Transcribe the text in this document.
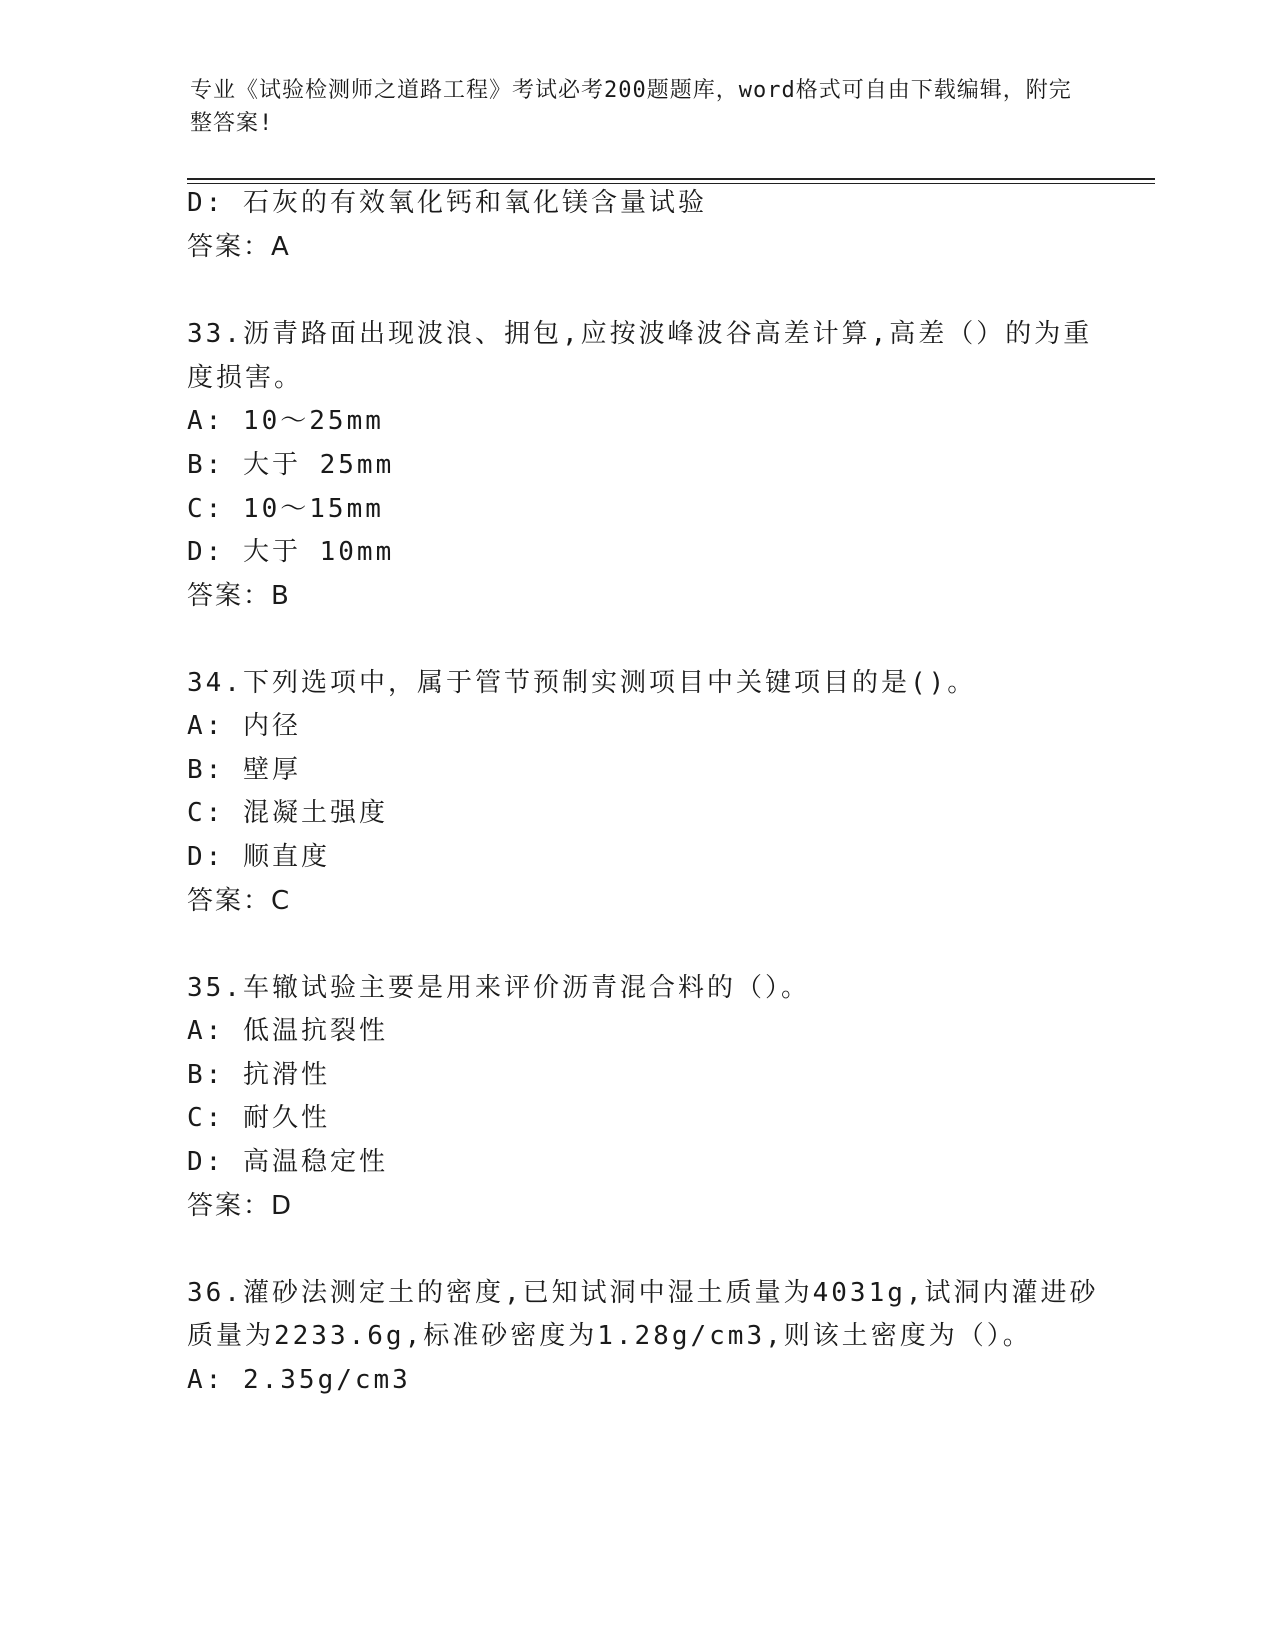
专业《试验检测师之道路工程》考试必考200题题库，word格式可自由下载编辑，附完整答案!
D: 石灰的有效氧化钙和氧化镁含量试验
答案：A
33.沥青路面出现波浪、拥包,应按波峰波谷高差计算,高差（）的为重
度损害。
A: 10～25mm
B: 大于 25mm
C: 10～15mm
D: 大于 10mm
答案：B
34.下列选项中，属于管节预制实测项目中关键项目的是()。
A: 内径
B: 壁厚
C: 混凝土强度
D: 顺直度
答案：C
35.车辙试验主要是用来评价沥青混合料的（）。
A: 低温抗裂性
B: 抗滑性
C: 耐久性
D: 高温稳定性
答案：D
36.灌砂法测定土的密度,已知试洞中湿土质量为4031g,试洞内灌进砂
质量为2233.6g,标准砂密度为1.28g/cm3,则该土密度为（）。
A: 2.35g/cm3
